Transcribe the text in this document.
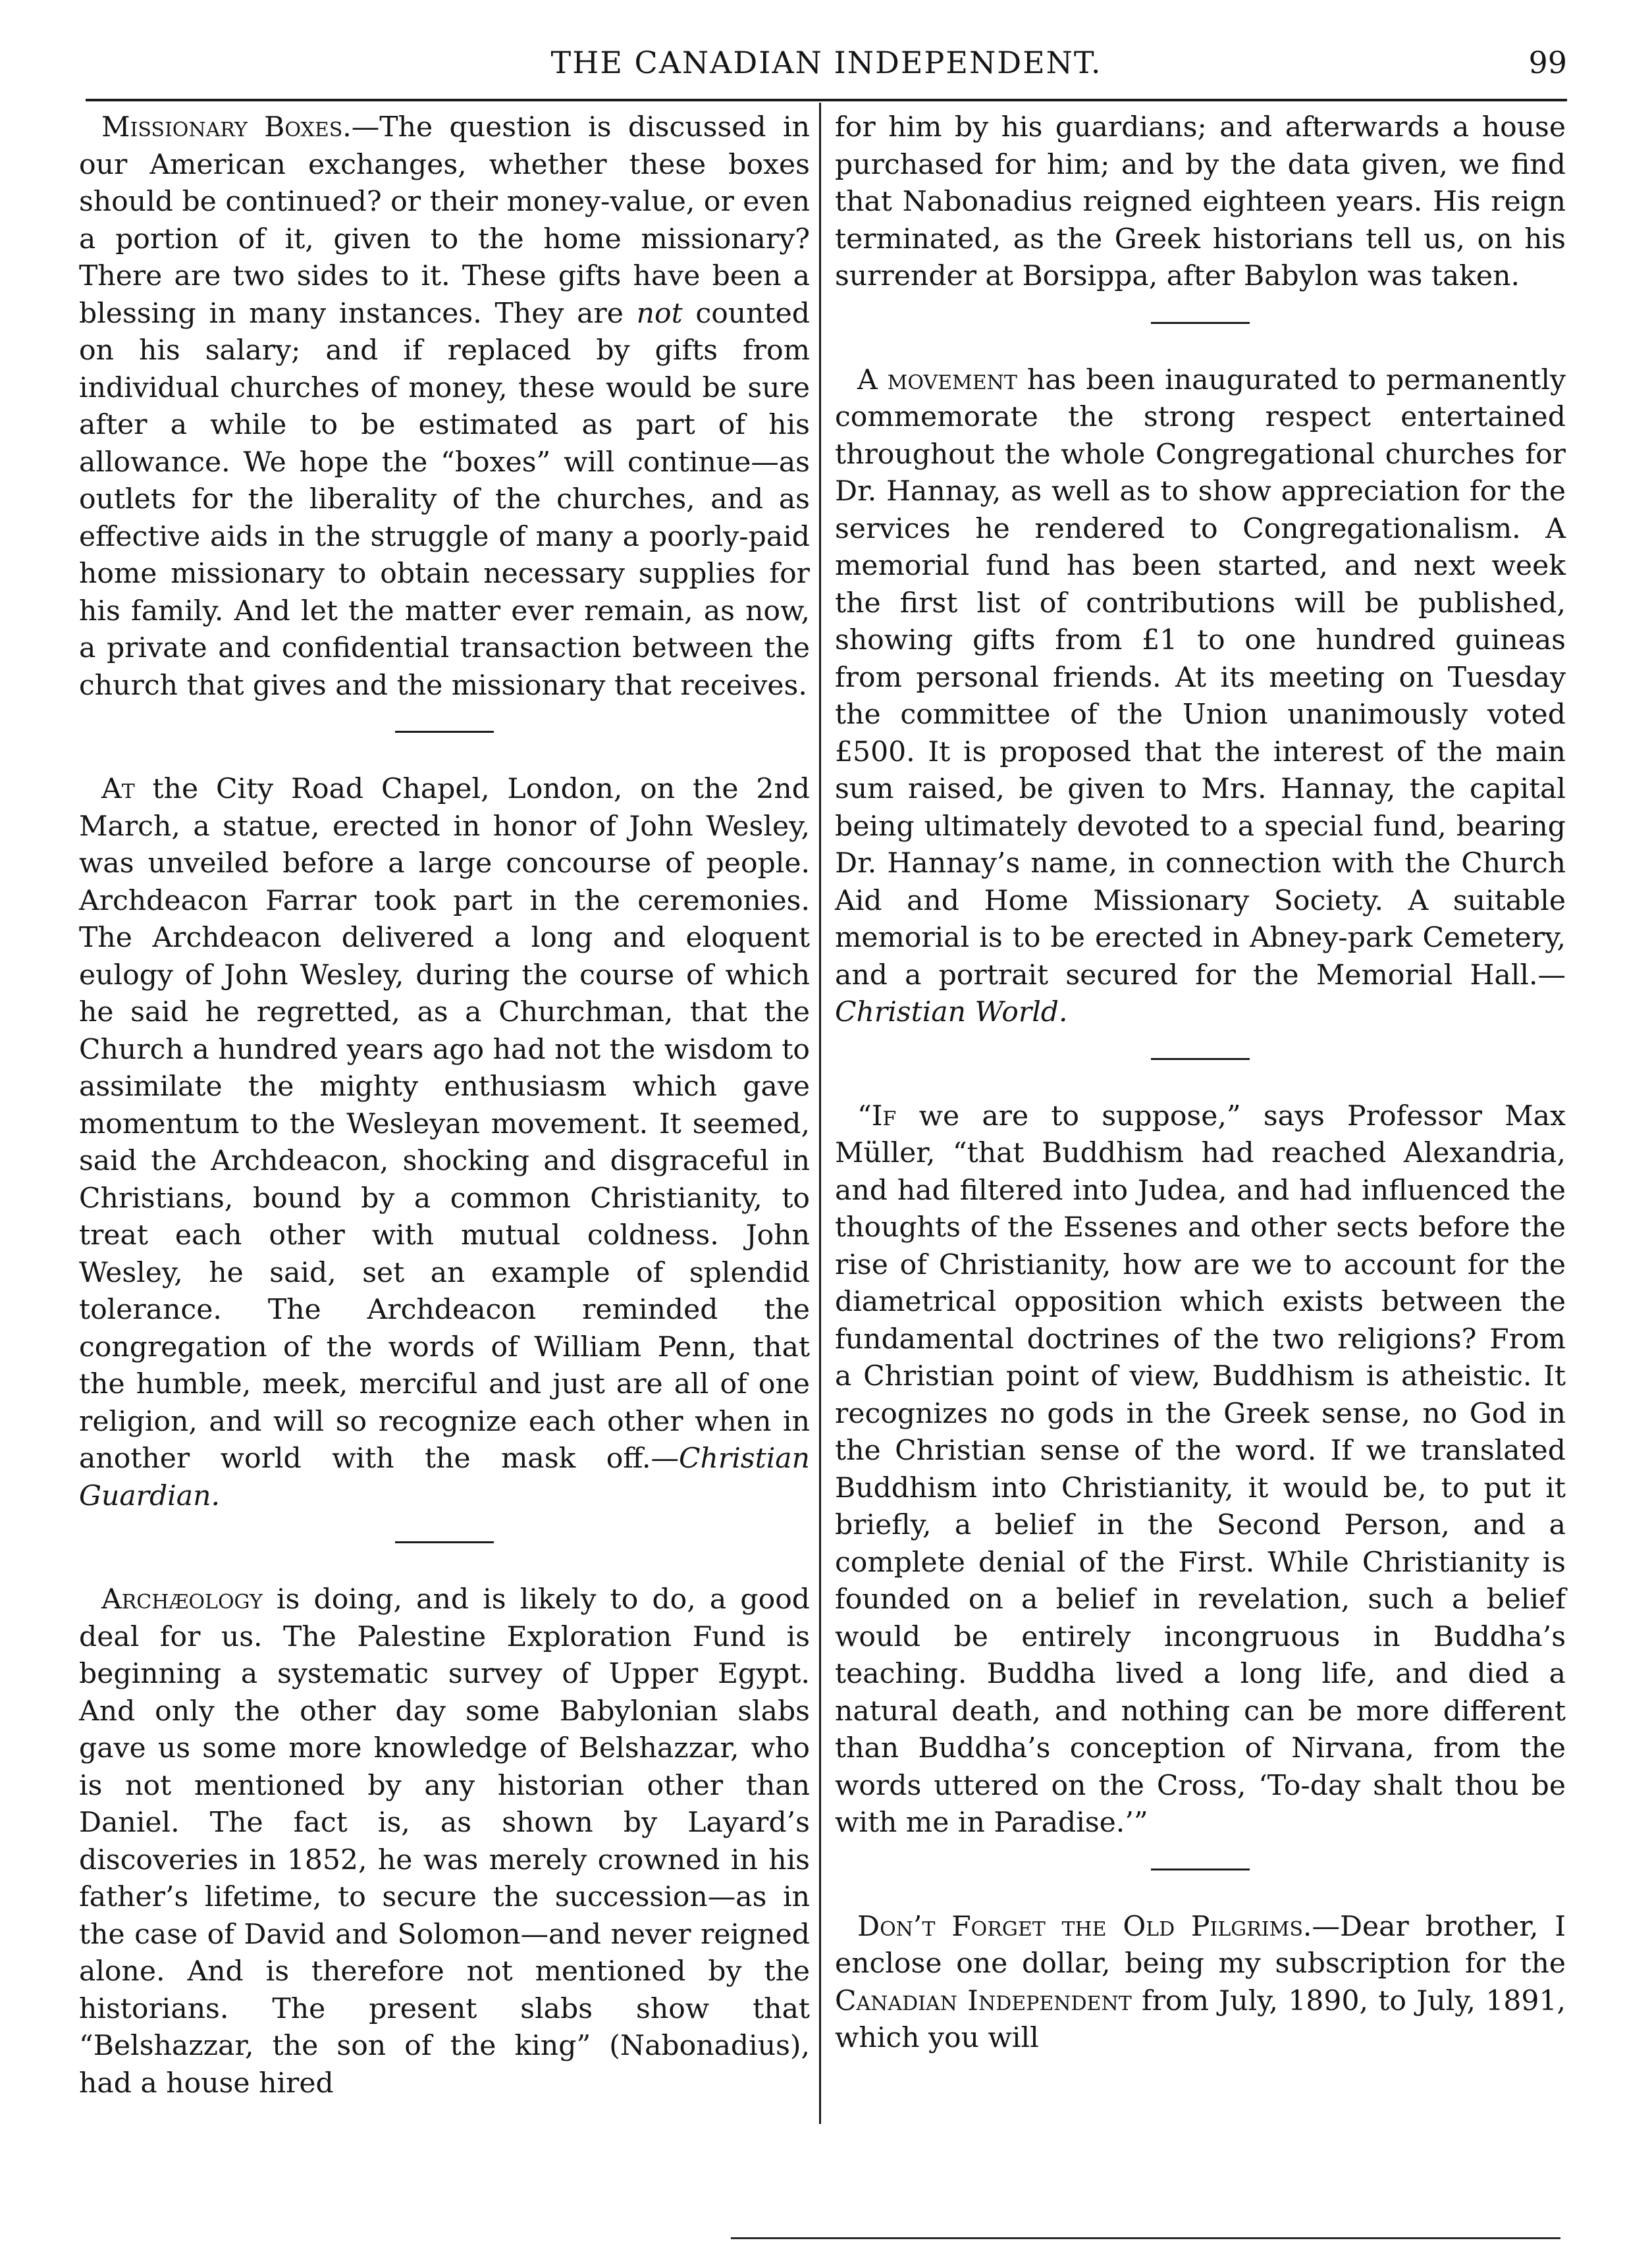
THE CANADIAN INDEPENDENT.	99

Missionary Boxes.—The question is discussed in our American exchanges, whether these boxes should be continued? or their money-value, or even a portion of it, given to the home missionary? There are two sides to it. These gifts have been a blessing in many instances. They are not counted on his salary; and if replaced by gifts from individual churches of money, these would be sure after a while to be estimated as part of his allowance. We hope the “boxes” will continue—as outlets for the liberality of the churches, and as effective aids in the struggle of many a poorly-paid home missionary to obtain necessary supplies for his family. And let the matter ever remain, as now, a private and confidential transaction between the church that gives and the missionary that receives.

At the City Road Chapel, London, on the 2nd March, a statue, erected in honor of John Wesley, was unveiled before a large concourse of people. Archdeacon Farrar took part in the ceremonies. The Archdeacon delivered a long and eloquent eulogy of John Wesley, during the course of which he said he regretted, as a Churchman, that the Church a hundred years ago had not the wisdom to assimilate the mighty enthusiasm which gave momentum to the Wesleyan movement. It seemed, said the Archdeacon, shocking and disgraceful in Christians, bound by a common Christianity, to treat each other with mutual coldness. John Wesley, he said, set an example of splendid tolerance. The Archdeacon reminded the congregation of the words of William Penn, that the humble, meek, merciful and just are all of one religion, and will so recognize each other when in another world with the mask off.—Christian Guardian.

Archæology is doing, and is likely to do, a good deal for us. The Palestine Exploration Fund is beginning a systematic survey of Upper Egypt. And only the other day some Babylonian slabs gave us some more knowledge of Belshazzar, who is not mentioned by any historian other than Daniel. The fact is, as shown by Layard’s discoveries in 1852, he was merely crowned in his father’s lifetime, to secure the succession—as in the case of David and Solomon—and never reigned alone. And is therefore not mentioned by the historians. The present slabs show that “Belshazzar, the son of the king” (Nabonadius), had a house hired

for him by his guardians; and afterwards a house purchased for him; and by the data given, we find that Nabonadius reigned eighteen years. His reign terminated, as the Greek historians tell us, on his surrender at Borsippa, after Babylon was taken.

A movement has been inaugurated to permanently commemorate the strong respect entertained throughout the whole Congregational churches for Dr. Hannay, as well as to show appreciation for the services he rendered to Congregationalism. A memorial fund has been started, and next week the first list of contributions will be published, showing gifts from £1 to one hundred guineas from personal friends. At its meeting on Tuesday the committee of the Union unanimously voted £500. It is proposed that the interest of the main sum raised, be given to Mrs. Hannay, the capital being ultimately devoted to a special fund, bearing Dr. Hannay’s name, in connection with the Church Aid and Home Missionary Society. A suitable memorial is to be erected in Abney-park Cemetery, and a portrait secured for the Memorial Hall.—Christian World.

“If we are to suppose,” says Professor Max Müller, “that Buddhism had reached Alexandria, and had filtered into Judea, and had influenced the thoughts of the Essenes and other sects before the rise of Christianity, how are we to account for the diametrical opposition which exists between the fundamental doctrines of the two religions? From a Christian point of view, Buddhism is atheistic. It recognizes no gods in the Greek sense, no God in the Christian sense of the word. If we translated Buddhism into Christianity, it would be, to put it briefly, a belief in the Second Person, and a complete denial of the First. While Christianity is founded on a belief in revelation, such a belief would be entirely incongruous in Buddha’s teaching. Buddha lived a long life, and died a natural death, and nothing can be more different than Buddha’s conception of Nirvana, from the words uttered on the Cross, ‘To-day shalt thou be with me in Paradise.’”

Don’t Forget the Old Pilgrims.—Dear brother, I enclose one dollar, being my subscription for the Canadian Independent from July, 1890, to July, 1891, which you will
